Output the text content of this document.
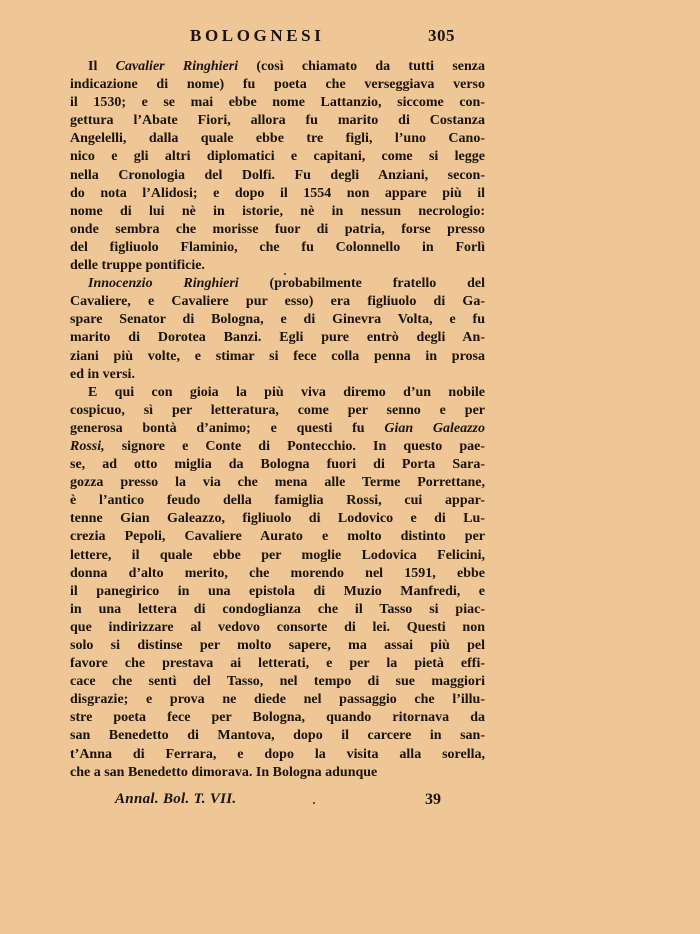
BOLOGNESI	305
Il Cavalier Ringhieri (così chiamato da tutti senza
indicazione di nome) fu poeta che verseggiava verso
il 1530; e se mai ebbe nome Lattanzio, siccome con-
gettura l’Abate Fiori, allora fu marito di Costanza
Angelelli, dalla quale ebbe tre figli, l’uno Cano-
nico e gli altri diplomatici e capitani, come si legge
nella Cronologia del Dolfi. Fu degli Anziani, secon-
do nota l’Alidosi; e dopo il 1554 non appare più il
nome di lui nè in istorie, nè in nessun necrologio:
onde sembra che morisse fuor di patria, forse presso
del figliuolo Flaminio, che fu Colonnello in Forlì
delle truppe pontificie.
Innocenzio Ringhieri (probabilmente fratello del
Cavaliere, e Cavaliere pur esso) era figliuolo di Ga-
spare Senator di Bologna, e di Ginevra Volta, e fu
marito di Dorotea Banzi. Egli pure entrò degli An-
ziani più volte, e stimar si fece colla penna in prosa
ed in versi.
E qui con gioia la più viva diremo d’un nobile
cospicuo, sì per letteratura, come per senno e per
generosa bontà d’animo; e questi fu Gian Galeazzo
Rossi, signore e Conte di Pontecchio. In questo pae-
se, ad otto miglia da Bologna fuori di Porta Sara-
gozza presso la via che mena alle Terme Porrettane,
è l’antico feudo della famiglia Rossi, cui appar-
tenne Gian Galeazzo, figliuolo di Lodovico e di Lu-
crezia Pepoli, Cavaliere Aurato e molto distinto per
lettere, il quale ebbe per moglie Lodovica Felicini,
donna d’alto merito, che morendo nel 1591, ebbe
il panegirico in una epistola di Muzio Manfredi, e
in una lettera di condoglianza che il Tasso si piac-
que indirizzare al vedovo consorte di lei. Questi non
solo si distinse per molto sapere, ma assai più pel
favore che prestava ai letterati, e per la pietà effi-
cace che sentì del Tasso, nel tempo di sue maggiori
disgrazie; e prova ne diede nel passaggio che l’illu-
stre poeta fece per Bologna, quando ritornava da
san Benedetto di Mantova, dopo il carcere in san-
t’Anna di Ferrara, e dopo la visita alla sorella,
che a san Benedetto dimorava. In Bologna adunque
Annal. Bol. T. VII.	39
